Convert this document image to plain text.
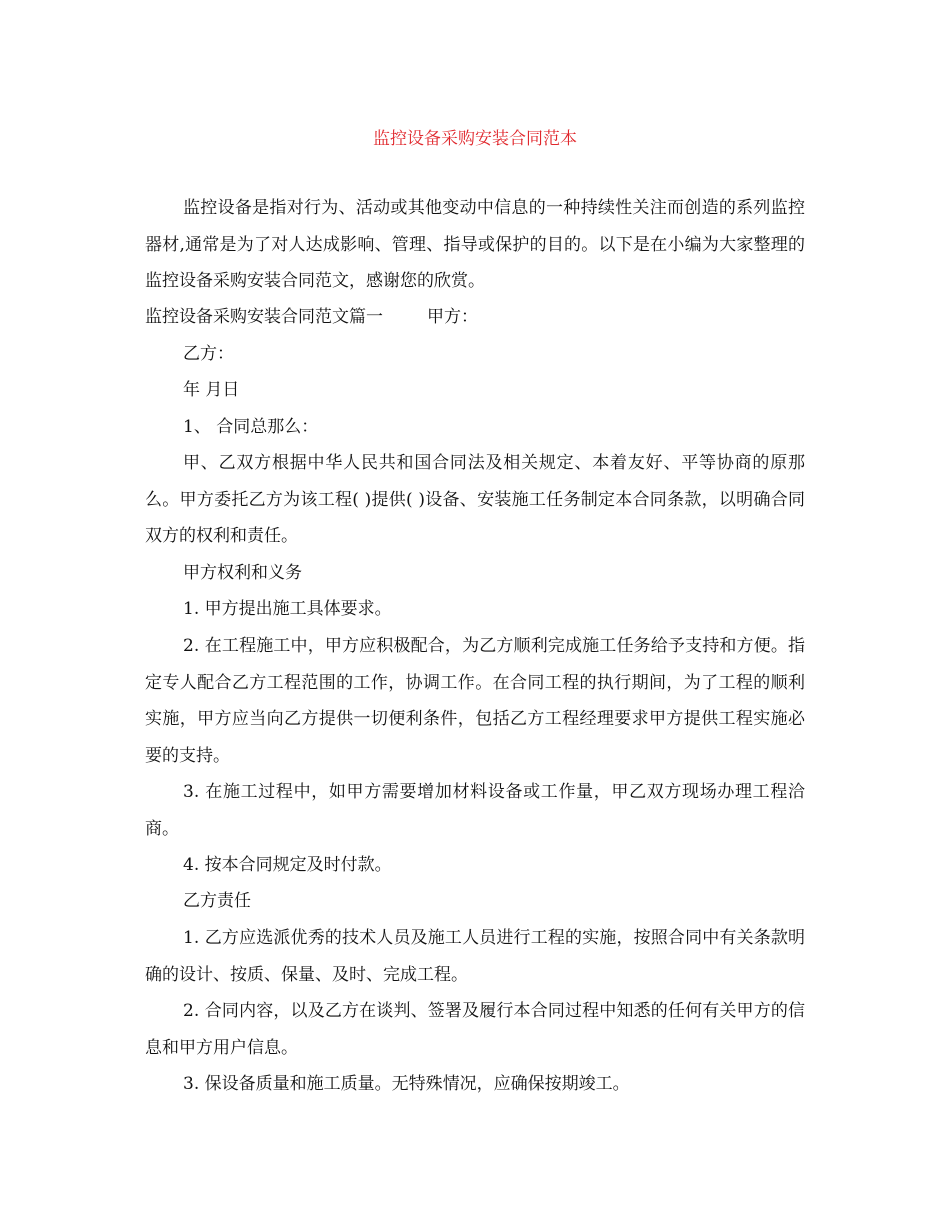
监控设备采购安装合同范本

监控设备是指对行为、活动或其他变动中信息的一种持续性关注而创造的系列监控器材,通常是为了对人达成影响、管理、指导或保护的目的。以下是在小编为大家整理的监控设备采购安装合同范文，感谢您的欣赏。

监控设备采购安装合同范文篇一	甲方：

乙方：

年 月日

1、 合同总那么：

甲、乙双方根据中华人民共和国合同法及相关规定、本着友好、平等协商的原那么。甲方委托乙方为该工程( )提供( )设备、安装施工任务制定本合同条款，以明确合同双方的权利和责任。

甲方权利和义务

1. 甲方提出施工具体要求。

2. 在工程施工中，甲方应积极配合，为乙方顺利完成施工任务给予支持和方便。指定专人配合乙方工程范围的工作，协调工作。在合同工程的执行期间，为了工程的顺利实施，甲方应当向乙方提供一切便利条件，包括乙方工程经理要求甲方提供工程实施必要的支持。

3. 在施工过程中，如甲方需要增加材料设备或工作量，甲乙双方现场办理工程洽商。

4. 按本合同规定及时付款。

乙方责任

1. 乙方应选派优秀的技术人员及施工人员进行工程的实施，按照合同中有关条款明确的设计、按质、保量、及时、完成工程。

2. 合同内容，以及乙方在谈判、签署及履行本合同过程中知悉的任何有关甲方的信息和甲方用户信息。

3. 保设备质量和施工质量。无特殊情况，应确保按期竣工。
